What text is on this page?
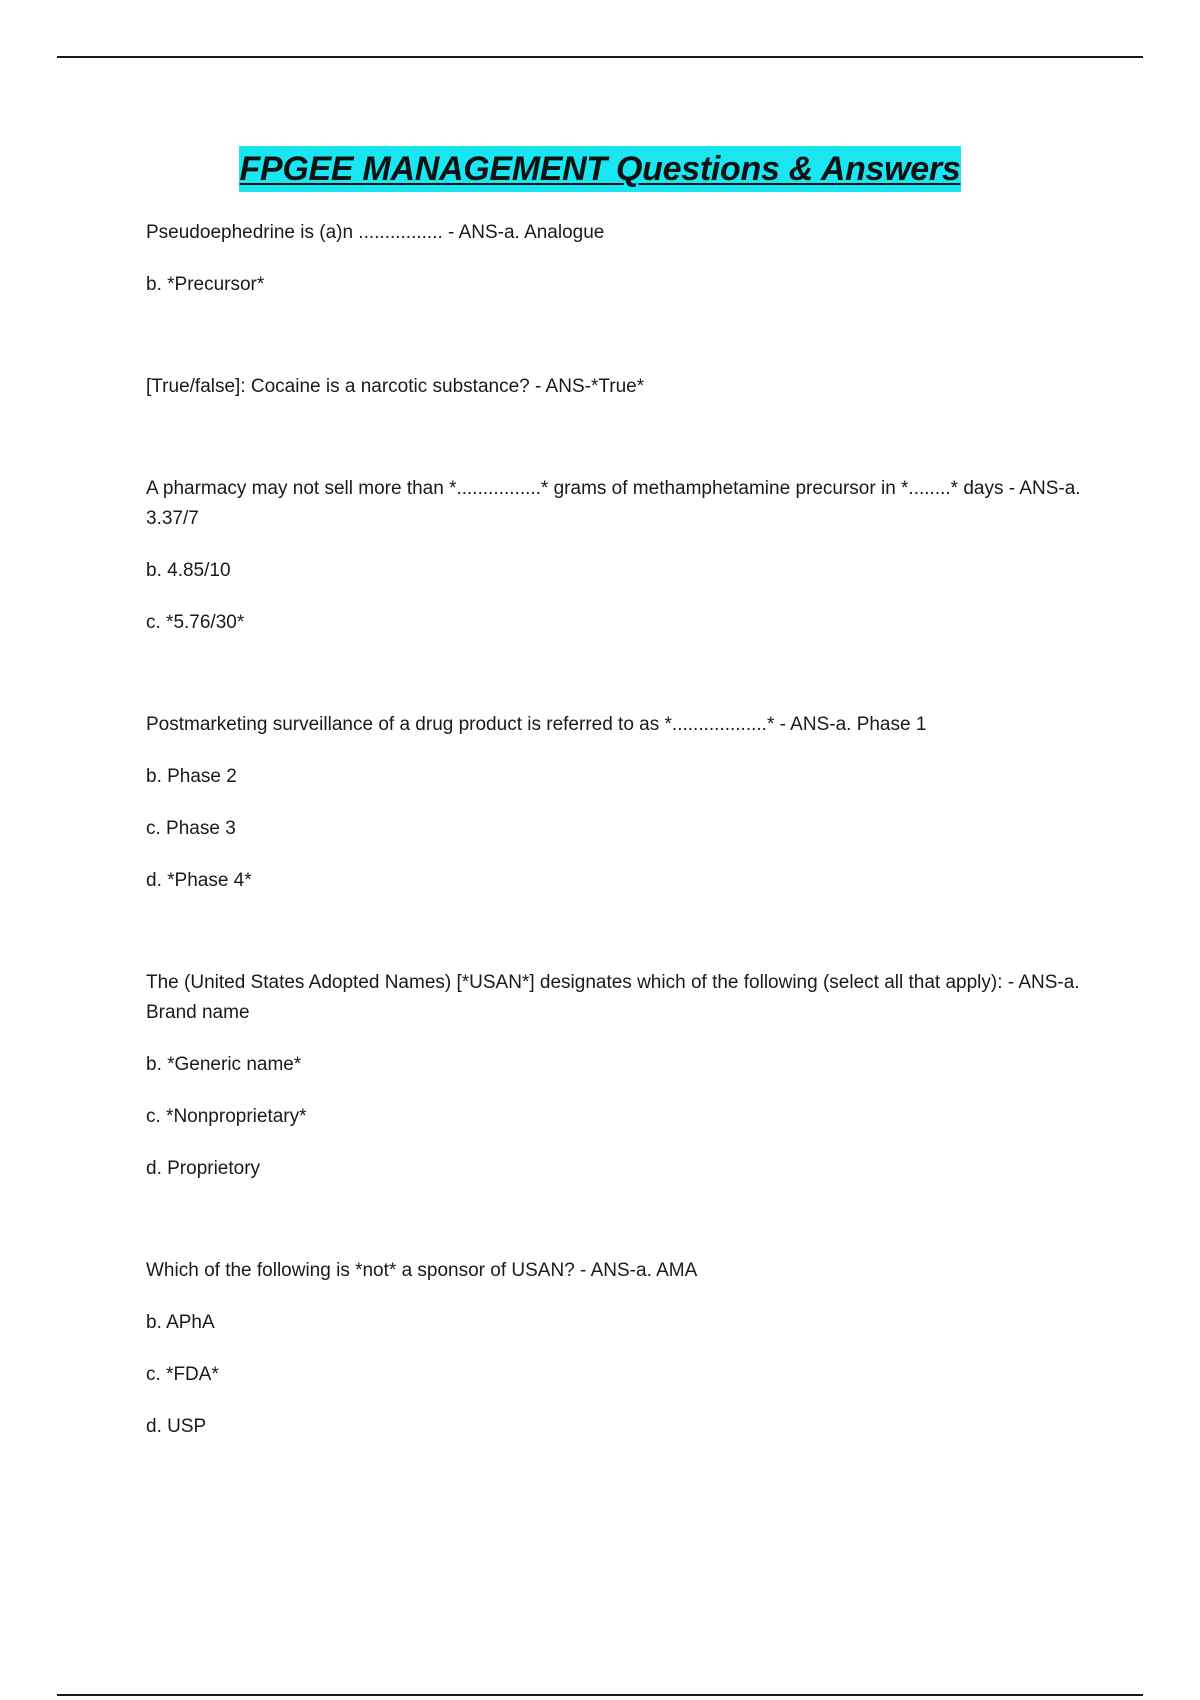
FPGEE MANAGEMENT Questions & Answers
Pseudoephedrine is (a)n ................ - ANS-a. Analogue
b. *Precursor*
[True/false]: Cocaine is a narcotic substance? - ANS-*True*
A pharmacy may not sell more than *................* grams of methamphetamine precursor in *........* days - ANS-a. 3.37/7
b. 4.85/10
c. *5.76/30*
Postmarketing surveillance of a drug product is referred to as *..................* - ANS-a. Phase 1
b. Phase 2
c. Phase 3
d. *Phase 4*
The (United States Adopted Names) [*USAN*] designates which of the following (select all that apply): - ANS-a. Brand name
b. *Generic name*
c. *Nonproprietary*
d. Proprietory
Which of the following is *not* a sponsor of USAN? - ANS-a. AMA
b. APhA
c. *FDA*
d. USP
